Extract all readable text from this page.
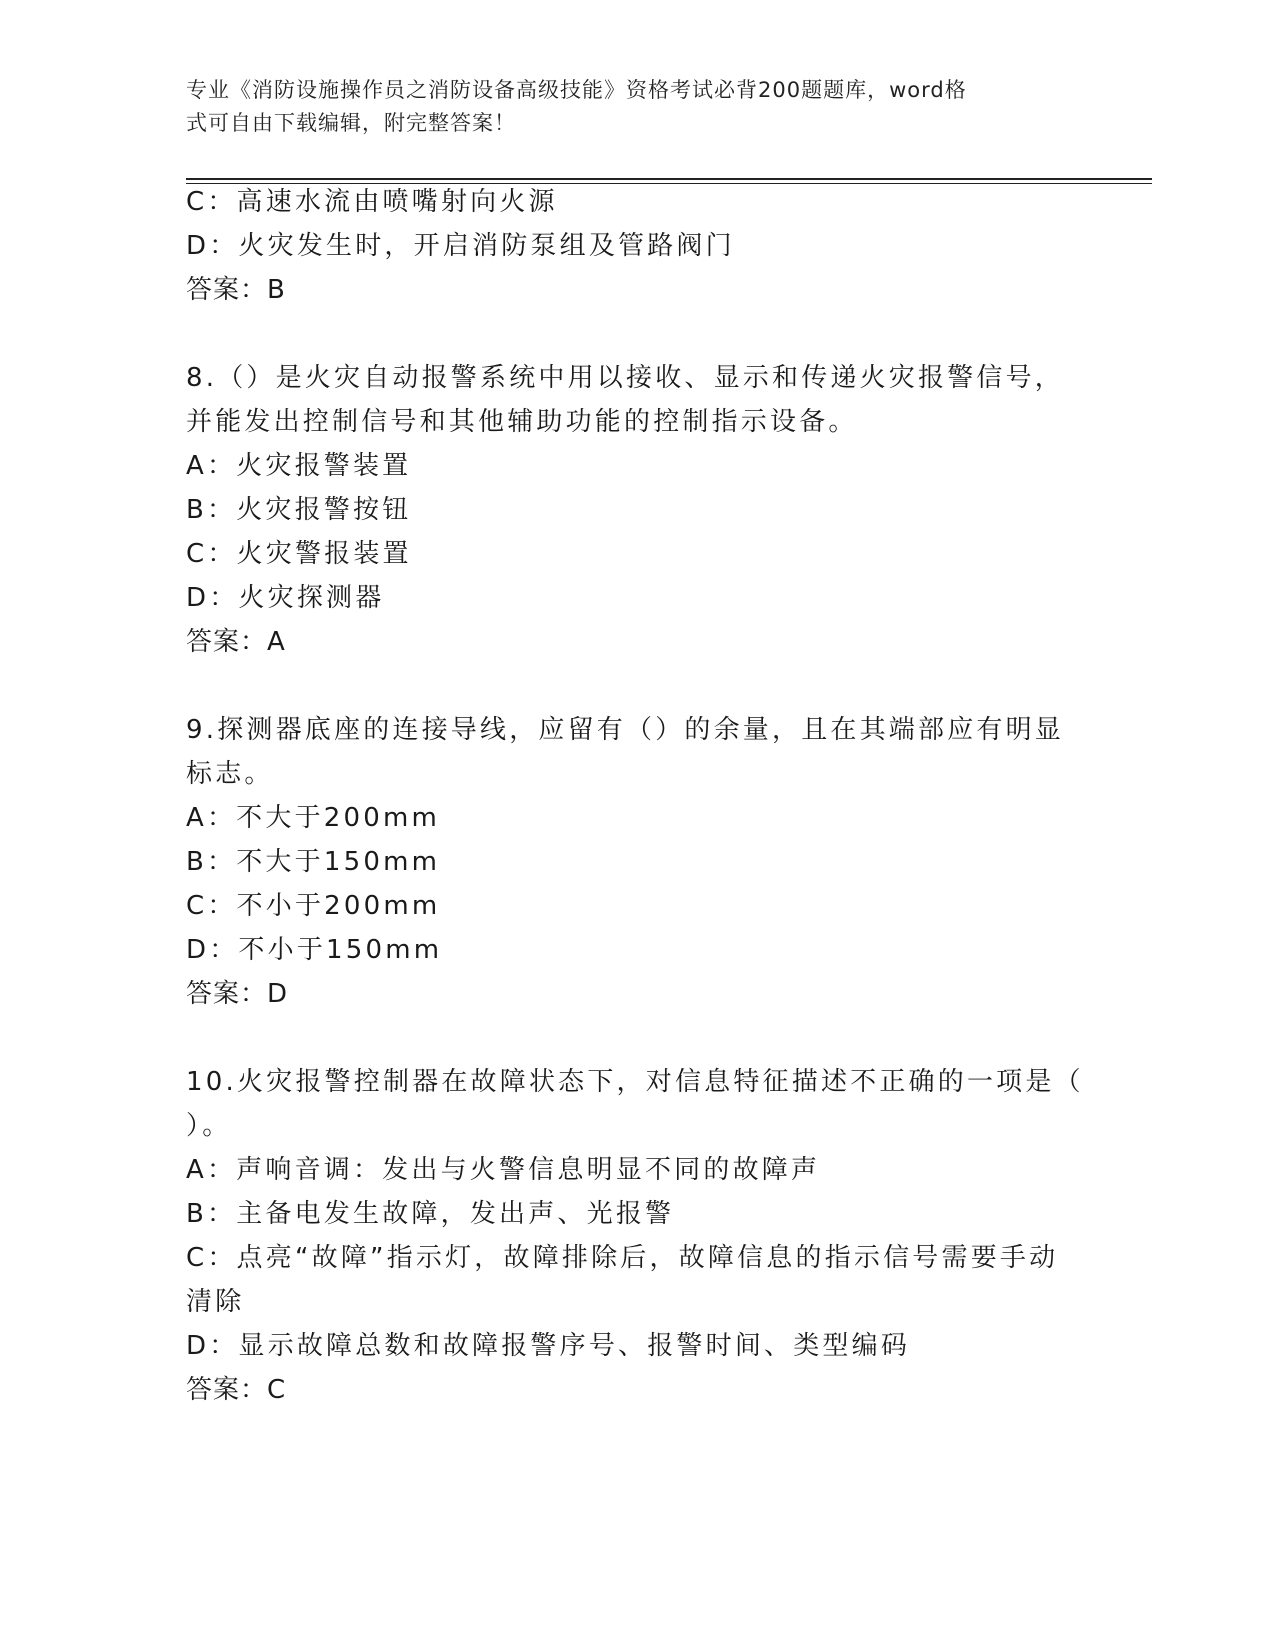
专业《消防设施操作员之消防设备高级技能》资格考试必背200题题库，word格
式可自由下载编辑，附完整答案！
C：高速水流由喷嘴射向火源
D：火灾发生时，开启消防泵组及管路阀门
答案：B
8.（）是火灾自动报警系统中用以接收、显示和传递火灾报警信号，
并能发出控制信号和其他辅助功能的控制指示设备。
A：火灾报警装置
B：火灾报警按钮
C：火灾警报装置
D：火灾探测器
答案：A
9.探测器底座的连接导线，应留有（）的余量，且在其端部应有明显
标志。
A：不大于200mm
B：不大于150mm
C：不小于200mm
D：不小于150mm
答案：D
10.火灾报警控制器在故障状态下，对信息特征描述不正确的一项是（
）。
A：声响音调：发出与火警信息明显不同的故障声
B：主备电发生故障，发出声、光报警
C：点亮“故障”指示灯，故障排除后，故障信息的指示信号需要手动
清除
D：显示故障总数和故障报警序号、报警时间、类型编码
答案：C
